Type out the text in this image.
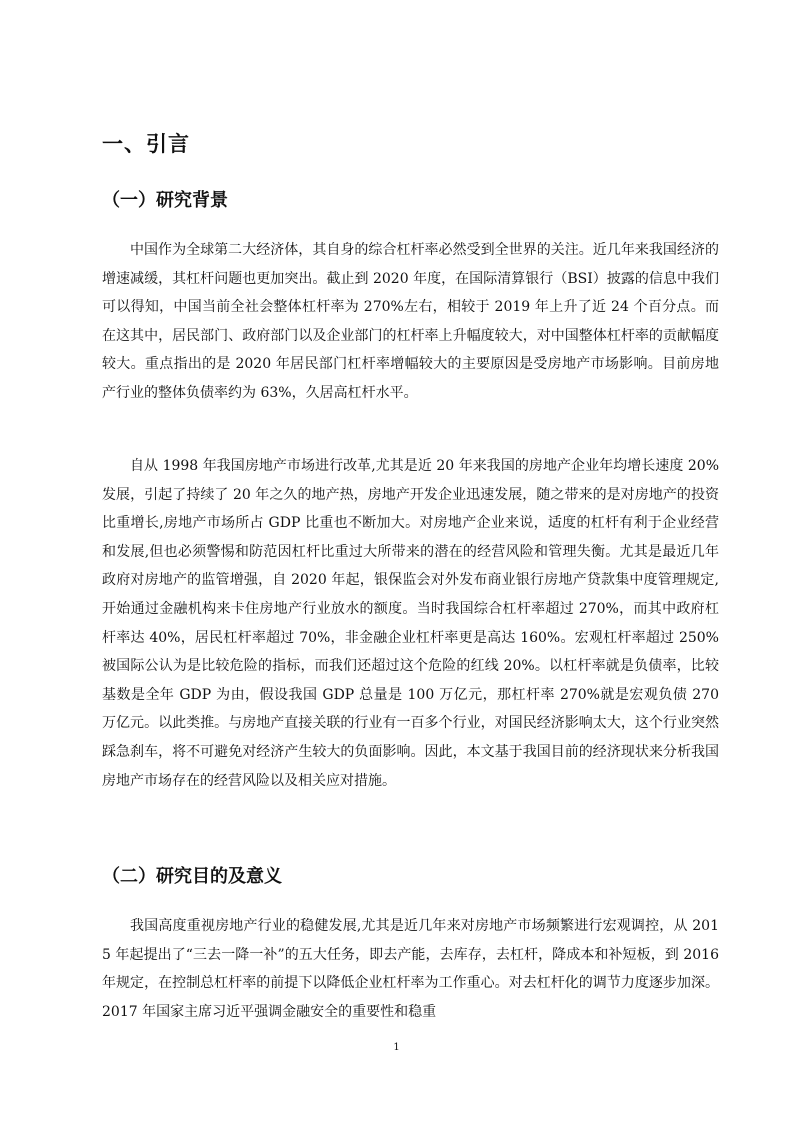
一、引言
（一）研究背景

中国作为全球第二大经济体，其自身的综合杠杆率必然受到全世界的关注。近几年来我国经济的增速减缓，其杠杆问题也更加突出。截止到 2020 年度，在国际清算银行（BSI）披露的信息中我们可以得知，中国当前全社会整体杠杆率为 270%左右，相较于 2019 年上升了近 24 个百分点。而在这其中，居民部门、政府部门以及企业部门的杠杆率上升幅度较大，对中国整体杠杆率的贡献幅度较大。重点指出的是 2020 年居民部门杠杆率增幅较大的主要原因是受房地产市场影响。目前房地产行业的整体负债率约为 63%，久居高杠杆水平。

自从 1998 年我国房地产市场进行改革,尤其是近 20 年来我国的房地产企业年均增长速度 20%发展，引起了持续了 20 年之久的地产热，房地产开发企业迅速发展，随之带来的是对房地产的投资比重增长,房地产市场所占 GDP 比重也不断加大。对房地产企业来说，适度的杠杆有利于企业经营和发展,但也必须警惕和防范因杠杆比重过大所带来的潜在的经营风险和管理失衡。尤其是最近几年政府对房地产的监管增强，自 2020 年起，银保监会对外发布商业银行房地产贷款集中度管理规定,开始通过金融机构来卡住房地产行业放水的额度。当时我国综合杠杆率超过 270%，而其中政府杠杆率达 40%，居民杠杆率超过 70%，非金融企业杠杆率更是高达 160%。宏观杠杆率超过 250%被国际公认为是比较危险的指标，而我们还超过这个危险的红线 20%。以杠杆率就是负债率，比较基数是全年 GDP 为由，假设我国 GDP 总量是 100 万亿元，那杠杆率 270%就是宏观负债 270 万亿元。以此类推。与房地产直接关联的行业有一百多个行业，对国民经济影响太大，这个行业突然踩急刹车，将不可避免对经济产生较大的负面影响。因此，本文基于我国目前的经济现状来分析我国房地产市场存在的经营风险以及相关应对措施。

（二）研究目的及意义

我国高度重视房地产行业的稳健发展,尤其是近几年来对房地产市场频繁进行宏观调控，从 2015 年起提出了“三去一降一补”的五大任务，即去产能，去库存，去杠杆，降成本和补短板，到 2016 年规定，在控制总杠杆率的前提下以降低企业杠杆率为工作重心。对去杠杆化的调节力度逐步加深。2017 年国家主席习近平强调金融安全的重要性和稳重

1
